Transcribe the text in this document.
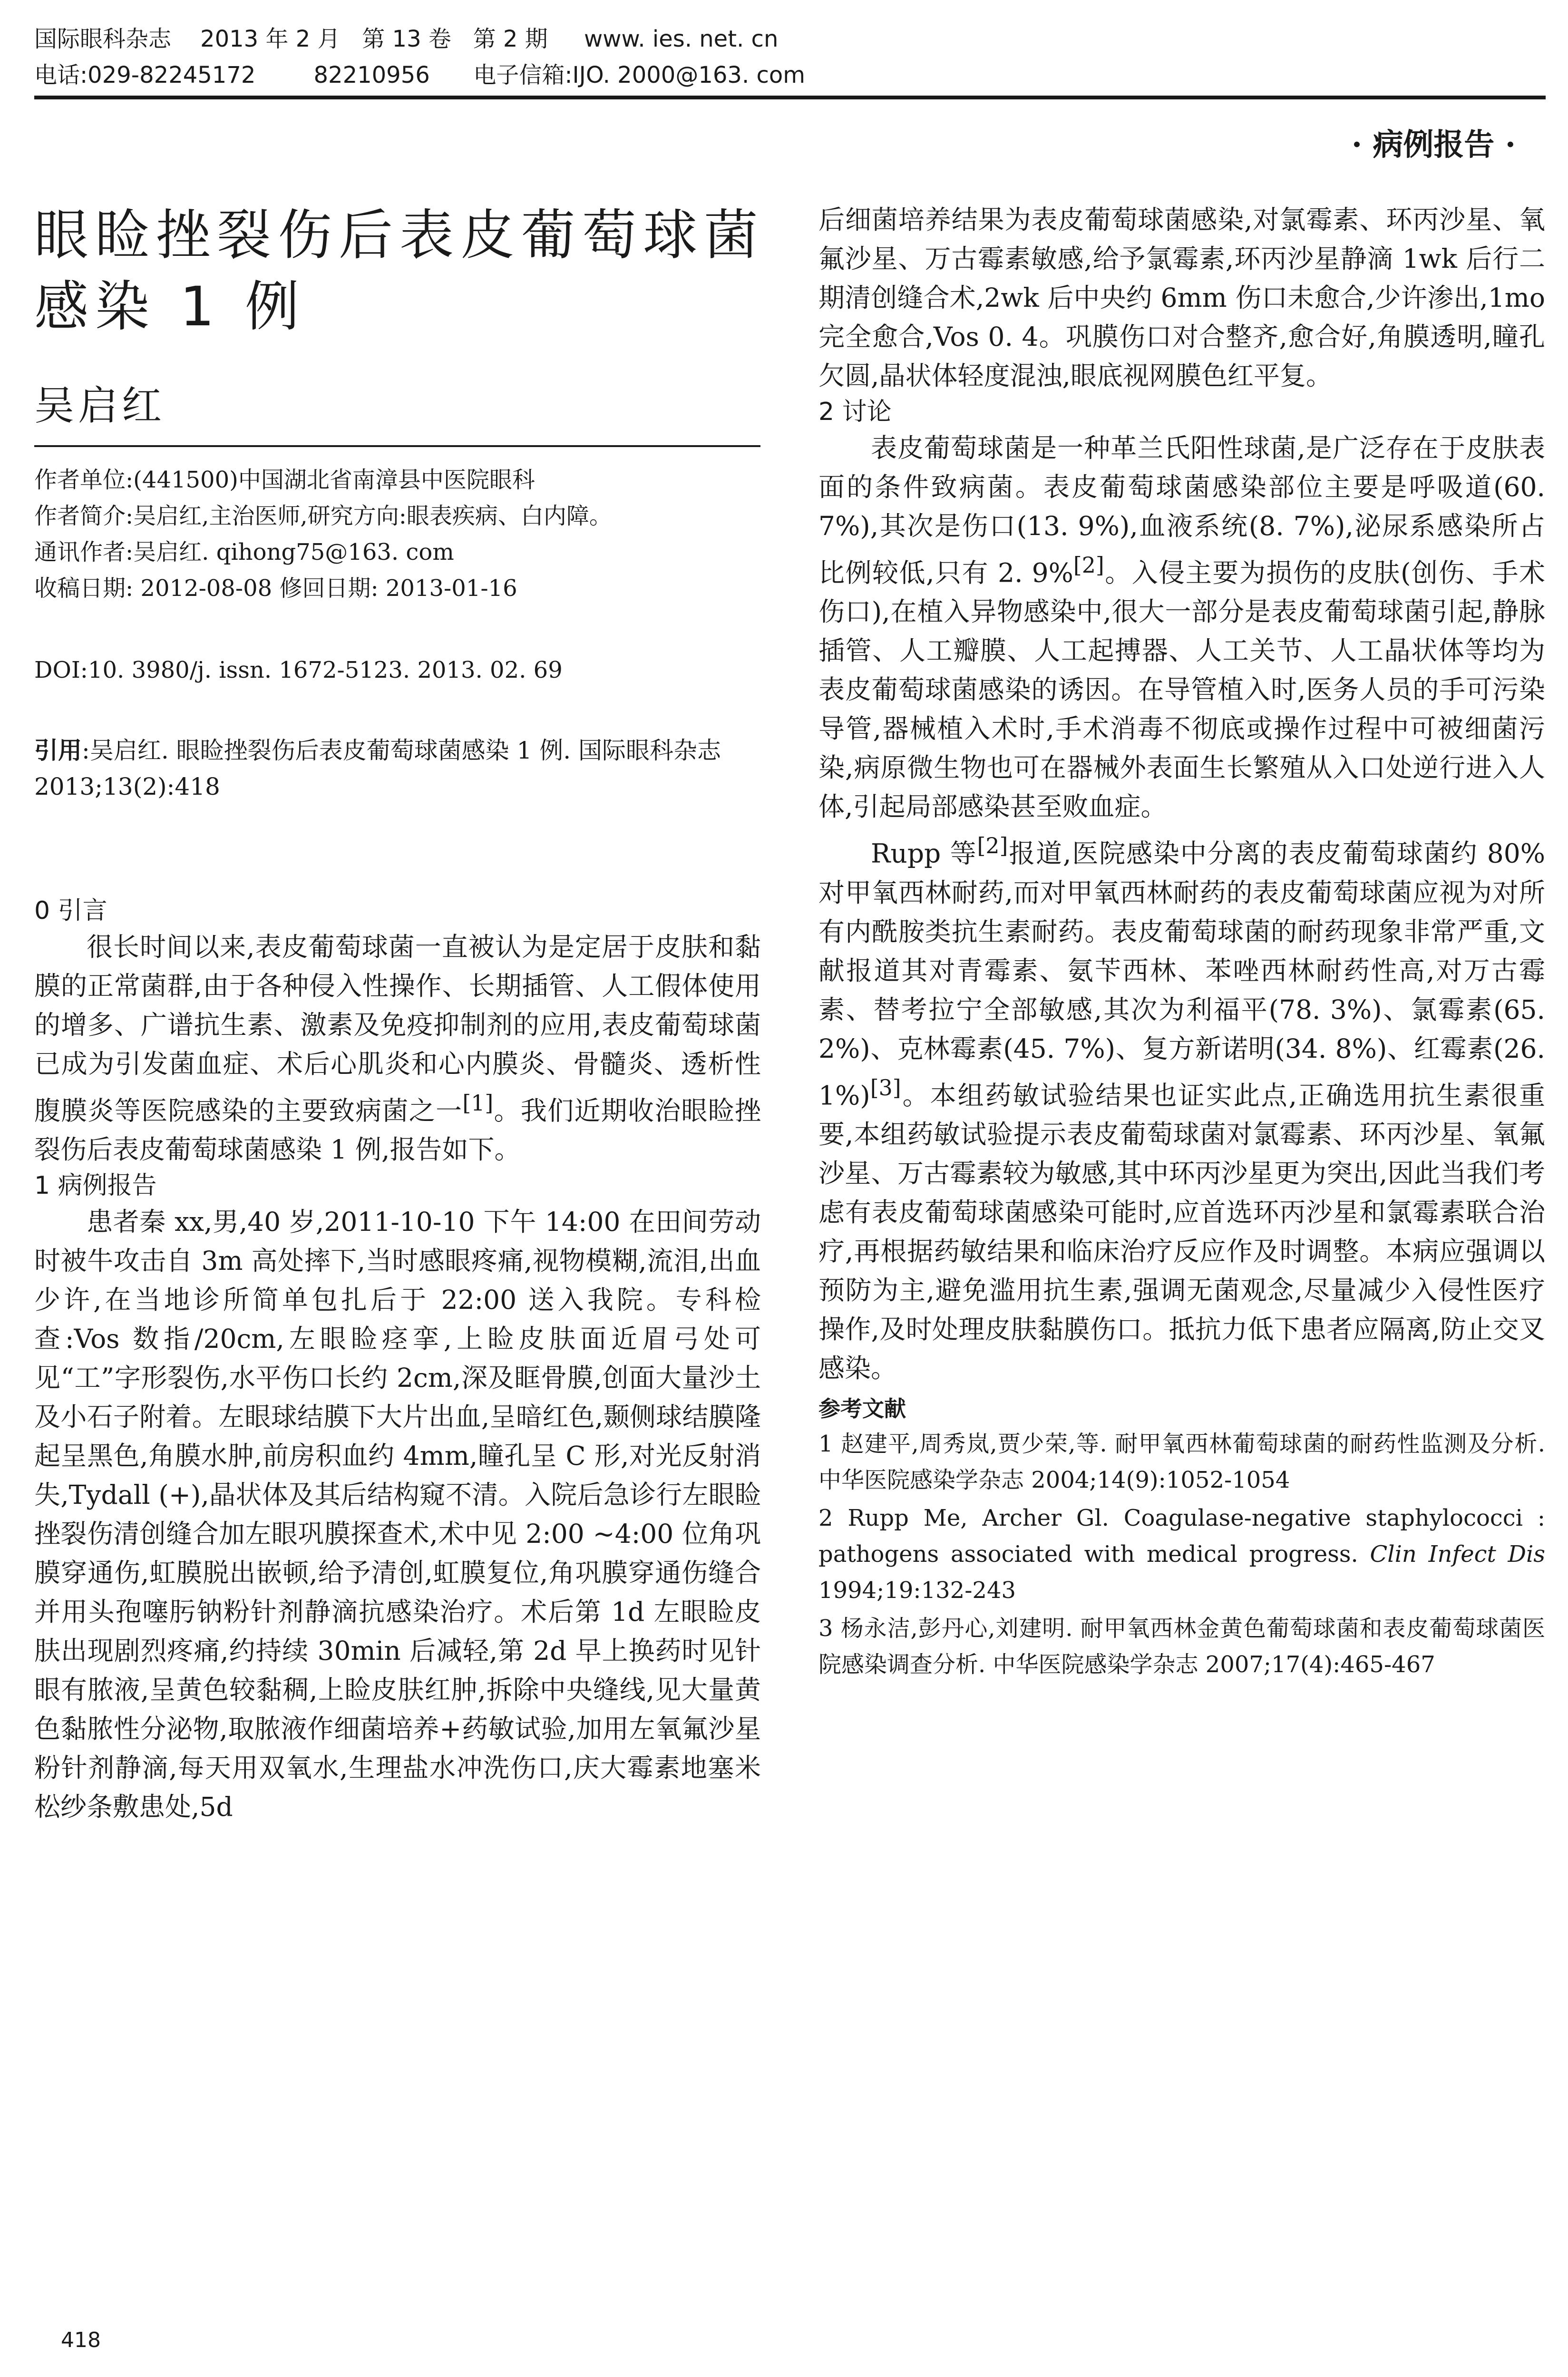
国际眼科杂志    2013 年 2 月   第 13 卷   第 2 期     www. ies. net. cn
电话:029-82245172        82210956      电子信箱:IJO. 2000@163. com
· 病例报告 ·
眼睑挫裂伤后表皮葡萄球菌感染 1 例
吴启红
作者单位:(441500)中国湖北省南漳县中医院眼科
作者简介:吴启红,主治医师,研究方向:眼表疾病、白内障。
通讯作者:吴启红. qihong75@163. com
收稿日期: 2012-08-08 修回日期: 2013-01-16
DOI:10. 3980/j. issn. 1672-5123. 2013. 02. 69

引用:吴启红. 眼睑挫裂伤后表皮葡萄球菌感染 1 例. 国际眼科杂志 2013;13(2):418

0 引言

很长时间以来,表皮葡萄球菌一直被认为是定居于皮肤和黏膜的正常菌群,由于各种侵入性操作、长期插管、人工假体使用的增多、广谱抗生素、激素及免疫抑制剂的应用,表皮葡萄球菌已成为引发菌血症、术后心肌炎和心内膜炎、骨髓炎、透析性腹膜炎等医院感染的主要致病菌之一[1]。我们近期收治眼睑挫裂伤后表皮葡萄球菌感染 1 例,报告如下。

1 病例报告

患者秦 xx,男,40 岁,2011-10-10 下午 14:00 在田间劳动时被牛攻击自 3m 高处摔下,当时感眼疼痛,视物模糊,流泪,出血少许,在当地诊所简单包扎后于 22:00 送入我院。专科检查:Vos 数指/20cm,左眼睑痉挛,上睑皮肤面近眉弓处可见“工”字形裂伤,水平伤口长约 2cm,深及眶骨膜,创面大量沙土及小石子附着。左眼球结膜下大片出血,呈暗红色,颞侧球结膜隆起呈黑色,角膜水肿,前房积血约 4mm,瞳孔呈 C 形,对光反射消失,Tydall (+),晶状体及其后结构窥不清。入院后急诊行左眼睑挫裂伤清创缝合加左眼巩膜探查术,术中见 2:00 ~4:00 位角巩膜穿通伤,虹膜脱出嵌顿,给予清创,虹膜复位,角巩膜穿通伤缝合并用头孢噻肟钠粉针剂静滴抗感染治疗。术后第 1d 左眼睑皮肤出现剧烈疼痛,约持续 30min 后减轻,第 2d 早上换药时见针眼有脓液,呈黄色较黏稠,上睑皮肤红肿,拆除中央缝线,见大量黄色黏脓性分泌物,取脓液作细菌培养+药敏试验,加用左氧氟沙星粉针剂静滴,每天用双氧水,生理盐水冲洗伤口,庆大霉素地塞米松纱条敷患处,5d

后细菌培养结果为表皮葡萄球菌感染,对氯霉素、环丙沙星、氧氟沙星、万古霉素敏感,给予氯霉素,环丙沙星静滴 1wk 后行二期清创缝合术,2wk 后中央约 6mm 伤口未愈合,少许渗出,1mo 完全愈合,Vos 0. 4。巩膜伤口对合整齐,愈合好,角膜透明,瞳孔欠圆,晶状体轻度混浊,眼底视网膜色红平复。

2 讨论

表皮葡萄球菌是一种革兰氏阳性球菌,是广泛存在于皮肤表面的条件致病菌。表皮葡萄球菌感染部位主要是呼吸道(60. 7%),其次是伤口(13. 9%),血液系统(8. 7%),泌尿系感染所占比例较低,只有 2. 9%[2]。入侵主要为损伤的皮肤(创伤、手术伤口),在植入异物感染中,很大一部分是表皮葡萄球菌引起,静脉插管、人工瓣膜、人工起搏器、人工关节、人工晶状体等均为表皮葡萄球菌感染的诱因。在导管植入时,医务人员的手可污染导管,器械植入术时,手术消毒不彻底或操作过程中可被细菌污染,病原微生物也可在器械外表面生长繁殖从入口处逆行进入人体,引起局部感染甚至败血症。

Rupp 等[2]报道,医院感染中分离的表皮葡萄球菌约 80% 对甲氧西林耐药,而对甲氧西林耐药的表皮葡萄球菌应视为对所有内酰胺类抗生素耐药。表皮葡萄球菌的耐药现象非常严重,文献报道其对青霉素、氨苄西林、苯唑西林耐药性高,对万古霉素、替考拉宁全部敏感,其次为利福平(78. 3%)、氯霉素(65. 2%)、克林霉素(45. 7%)、复方新诺明(34. 8%)、红霉素(26. 1%)[3]。本组药敏试验结果也证实此点,正确选用抗生素很重要,本组药敏试验提示表皮葡萄球菌对氯霉素、环丙沙星、氧氟沙星、万古霉素较为敏感,其中环丙沙星更为突出,因此当我们考虑有表皮葡萄球菌感染可能时,应首选环丙沙星和氯霉素联合治疗,再根据药敏结果和临床治疗反应作及时调整。本病应强调以预防为主,避免滥用抗生素,强调无菌观念,尽量减少入侵性医疗操作,及时处理皮肤黏膜伤口。抵抗力低下患者应隔离,防止交叉感染。

参考文献

1 赵建平,周秀岚,贾少荣,等. 耐甲氧西林葡萄球菌的耐药性监测及分析. 中华医院感染学杂志 2004;14(9):1052-1054

2 Rupp Me, Archer Gl. Coagulase-negative staphylococci : pathogens associated with medical progress. Clin Infect Dis 1994;19:132-243

3 杨永洁,彭丹心,刘建明. 耐甲氧西林金黄色葡萄球菌和表皮葡萄球菌医院感染调查分析. 中华医院感染学杂志 2007;17(4):465-467

418
